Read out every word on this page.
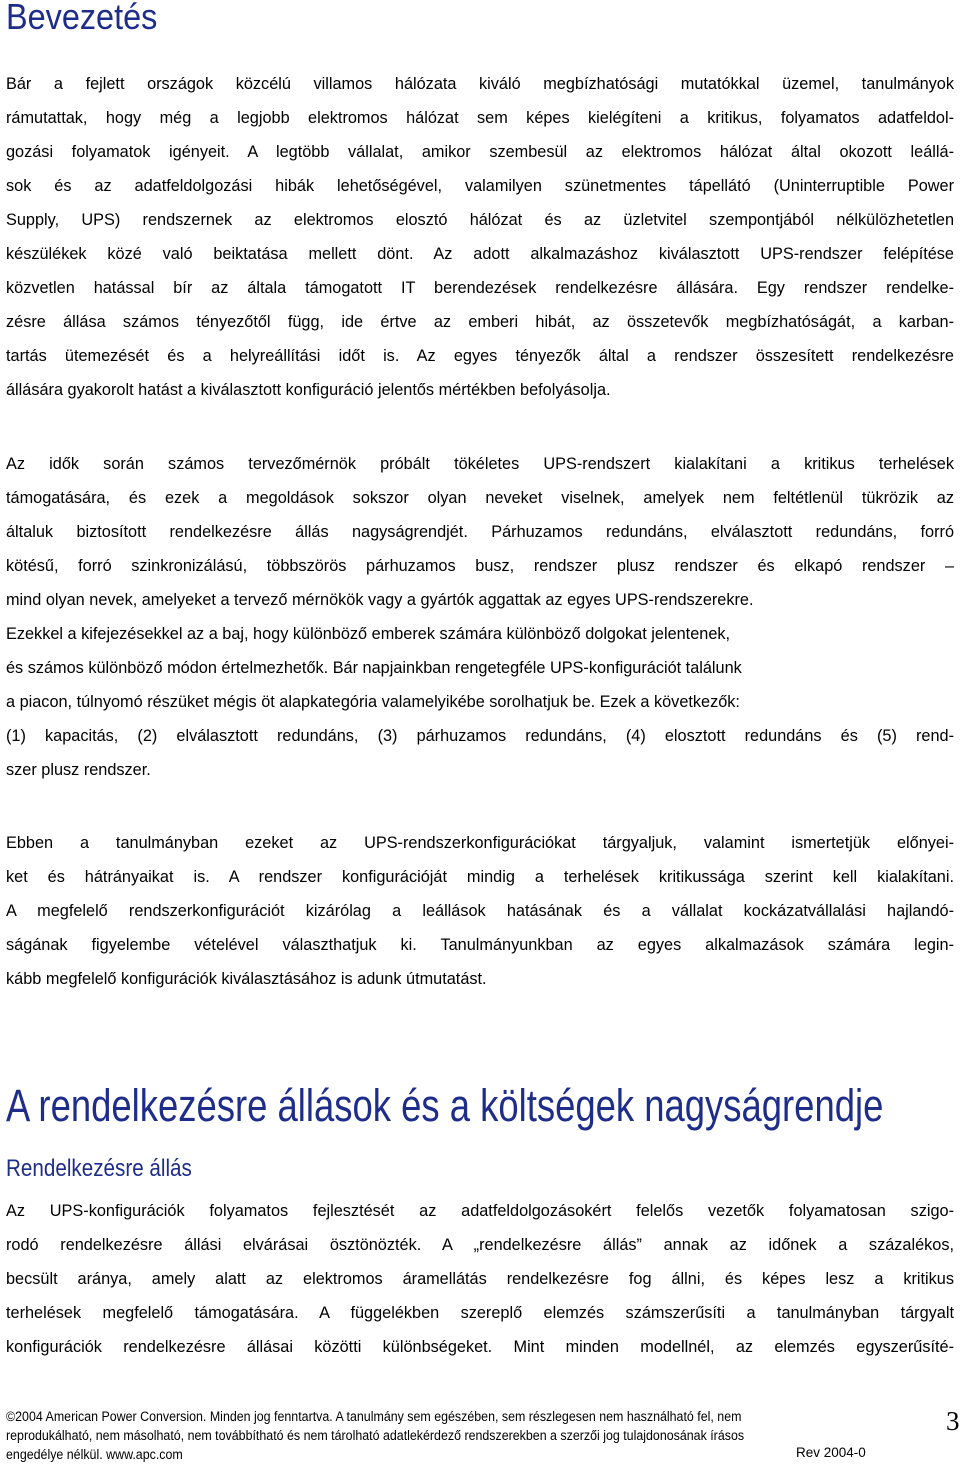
Bevezetés
Bár a fejlett országok közcélú villamos hálózata kiváló megbízhatósági mutatókkal üzemel, tanulmányok
rámutattak, hogy még a legjobb elektromos hálózat sem képes kielégíteni a kritikus, folyamatos adatfeldol-
gozási folyamatok igényeit. A legtöbb vállalat, amikor szembesül az elektromos hálózat által okozott leállá-
sok és az adatfeldolgozási hibák lehetőségével, valamilyen szünetmentes tápellátó (Uninterruptible Power
Supply, UPS) rendszernek az elektromos elosztó hálózat és az üzletvitel szempontjából nélkülözhetetlen
készülékek közé való beiktatása mellett dönt. Az adott alkalmazáshoz kiválasztott UPS-rendszer felépítése
közvetlen hatással bír az általa támogatott IT berendezések rendelkezésre állására. Egy rendszer rendelke-
zésre állása számos tényezőtől függ, ide értve az emberi hibát, az összetevők megbízhatóságát, a karban-
tartás ütemezését és a helyreállítási időt is. Az egyes tényezők által a rendszer összesített rendelkezésre
állására gyakorolt hatást a kiválasztott konfiguráció jelentős mértékben befolyásolja.
Az idők során számos tervezőmérnök próbált tökéletes UPS-rendszert kialakítani a kritikus terhelések
támogatására, és ezek a megoldások sokszor olyan neveket viselnek, amelyek nem feltétlenül tükrözik az
általuk biztosított rendelkezésre állás nagyságrendjét. Párhuzamos redundáns, elválasztott redundáns, forró
kötésű, forró szinkronizálású, többszörös párhuzamos busz, rendszer plusz rendszer és elkapó rendszer –
mind olyan nevek, amelyeket a tervező mérnökök vagy a gyártók aggattak az egyes UPS-rendszerekre.
Ezekkel a kifejezésekkel az a baj, hogy különböző emberek számára különböző dolgokat jelentenek,
és számos különböző módon értelmezhetők. Bár napjainkban rengetegféle UPS-konfigurációt találunk
a piacon, túlnyomó részüket mégis öt alapkategória valamelyikébe sorolhatjuk be. Ezek a következők:
(1) kapacitás, (2) elválasztott redundáns, (3) párhuzamos redundáns, (4) elosztott redundáns és (5) rend-
szer plusz rendszer.
Ebben a tanulmányban ezeket az UPS-rendszerkonfigurációkat tárgyaljuk, valamint ismertetjük előnyei-
ket és hátrányaikat is. A rendszer konfigurációját mindig a terhelések kritikussága szerint kell kialakítani.
A megfelelő rendszerkonfigurációt kizárólag a leállások hatásának és a vállalat kockázatvállalási hajlandó-
ságának figyelembe vételével választhatjuk ki. Tanulmányunkban az egyes alkalmazások számára legin-
kább megfelelő konfigurációk kiválasztásához is adunk útmutatást.
A rendelkezésre állások és a költségek nagyságrendje
Rendelkezésre állás
Az UPS-konfigurációk folyamatos fejlesztését az adatfeldolgozásokért felelős vezetők folyamatosan szigo-
rodó rendelkezésre állási elvárásai ösztönözték. A „rendelkezésre állás” annak az időnek a százalékos,
becsült aránya, amely alatt az elektromos áramellátás rendelkezésre fog állni, és képes lesz a kritikus
terhelések megfelelő támogatására. A függelékben szereplő elemzés számszerűsíti a tanulmányban tárgyalt
konfigurációk rendelkezésre állásai közötti különbségeket. Mint minden modellnél, az elemzés egyszerűsíté-
©2004 American Power Conversion. Minden jog fenntartva. A tanulmány sem egészében, sem részlegesen nem használható fel, nem
reprodukálható, nem másolható, nem továbbítható és nem tárolható adatlekérdező rendszerekben a szerzői jog tulajdonosának írásos
engedélye nélkül. www.apc.com	Rev 2004-0
3
